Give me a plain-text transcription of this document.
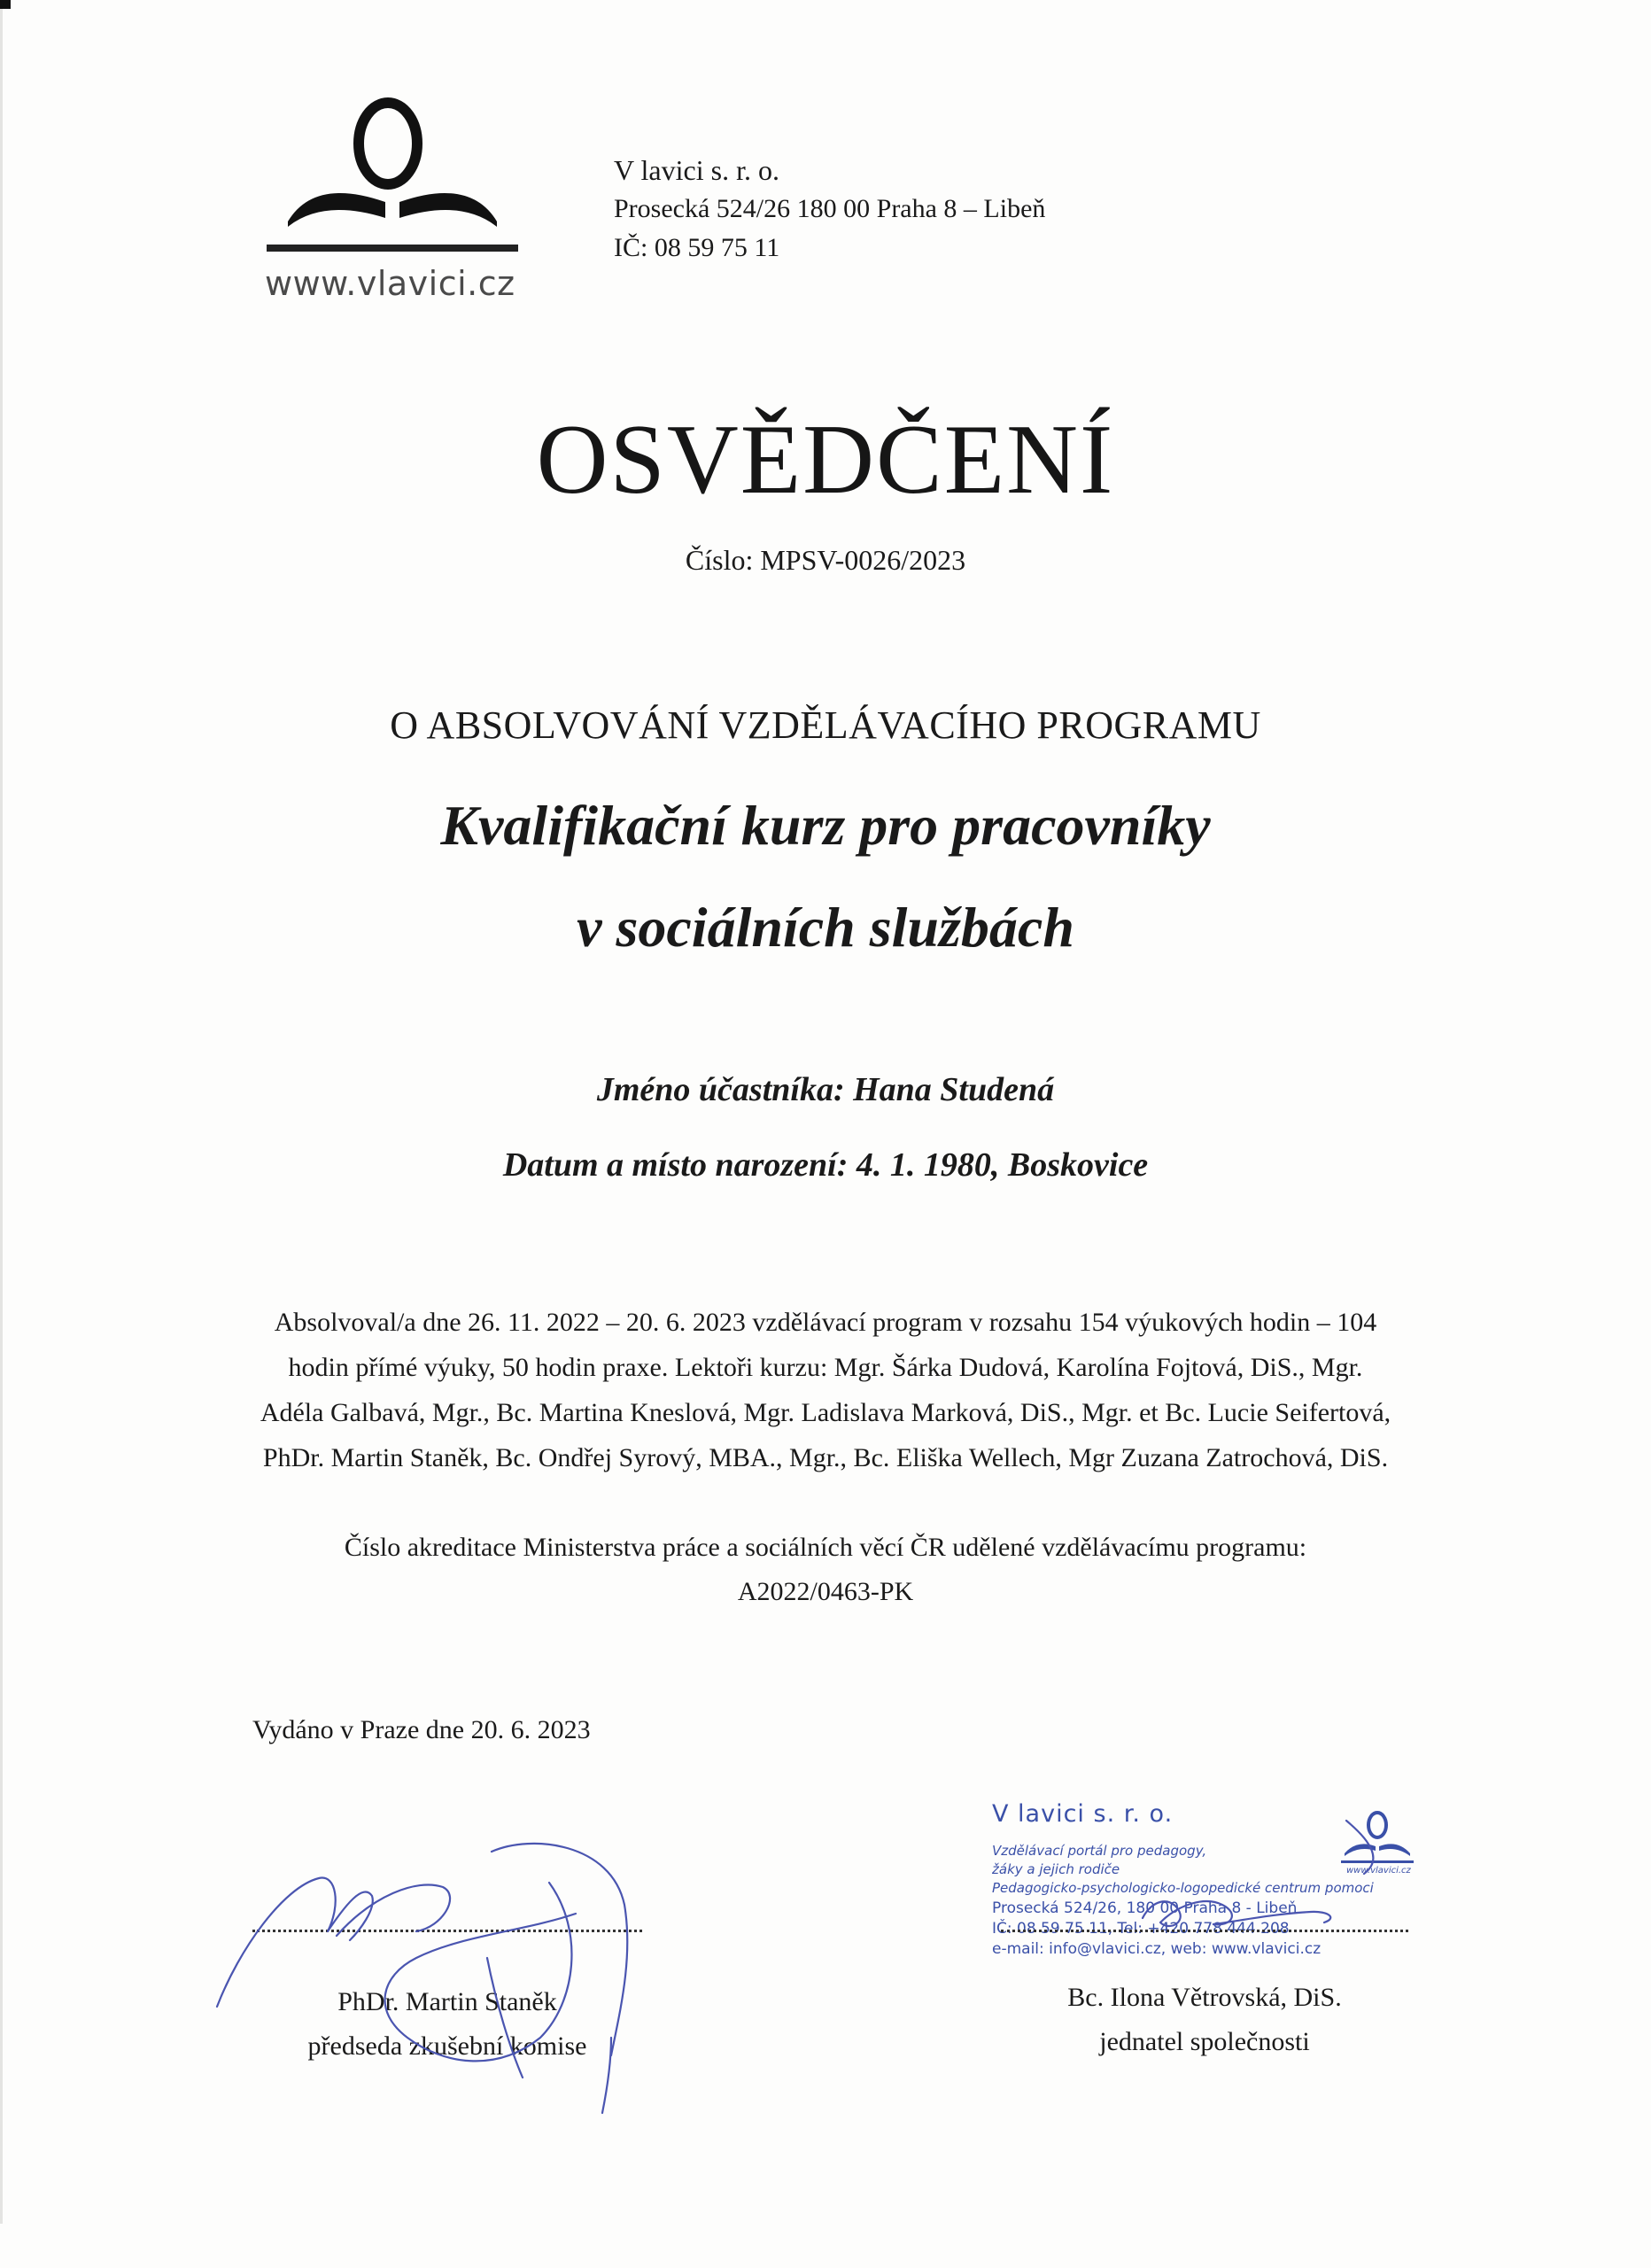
www.vlavici.cz
V lavici s. r. o.
Prosecká 524/26 180 00 Praha 8 – Libeň
IČ: 08 59 75 11
OSVĚDČENÍ
Číslo: MPSV-0026/2023
O ABSOLVOVÁNÍ VZDĚLÁVACÍHO PROGRAMU
Kvalifikační kurz pro pracovníky
v sociálních službách
Jméno účastníka: Hana Studená
Datum a místo narození: 4. 1. 1980, Boskovice
Absolvoval/a dne 26. 11. 2022 – 20. 6. 2023 vzdělávací program v rozsahu 154 výukových hodin – 104
hodin přímé výuky, 50 hodin praxe. Lektoři kurzu: Mgr. Šárka Dudová, Karolína Fojtová, DiS., Mgr.
Adéla Galbavá, Mgr., Bc. Martina Kneslová, Mgr. Ladislava Marková, DiS., Mgr. et Bc. Lucie Seifertová,
PhDr. Martin Staněk, Bc. Ondřej Syrový, MBA., Mgr., Bc. Eliška Wellech, Mgr Zuzana Zatrochová, DiS.
Číslo akreditace Ministerstva práce a sociálních věcí ČR udělené vzdělávacímu programu:
A2022/0463-PK
Vydáno v Praze dne 20. 6. 2023
PhDr. Martin Staněk
předseda zkušební komise
V lavici s. r. o.
Vzdělávací portál pro pedagogy,
žáky a jejich rodiče
Pedagogicko-psychologicko-logopedické centrum pomoci
Prosecká 524/26, 180 00 Praha 8 - Libeň
IČ: 08 59 75 11, Tel: +420 778 444 208
e-mail: info@vlavici.cz, web: www.vlavici.cz
www.vlavici.cz
Bc. Ilona Větrovská, DiS.
jednatel společnosti
